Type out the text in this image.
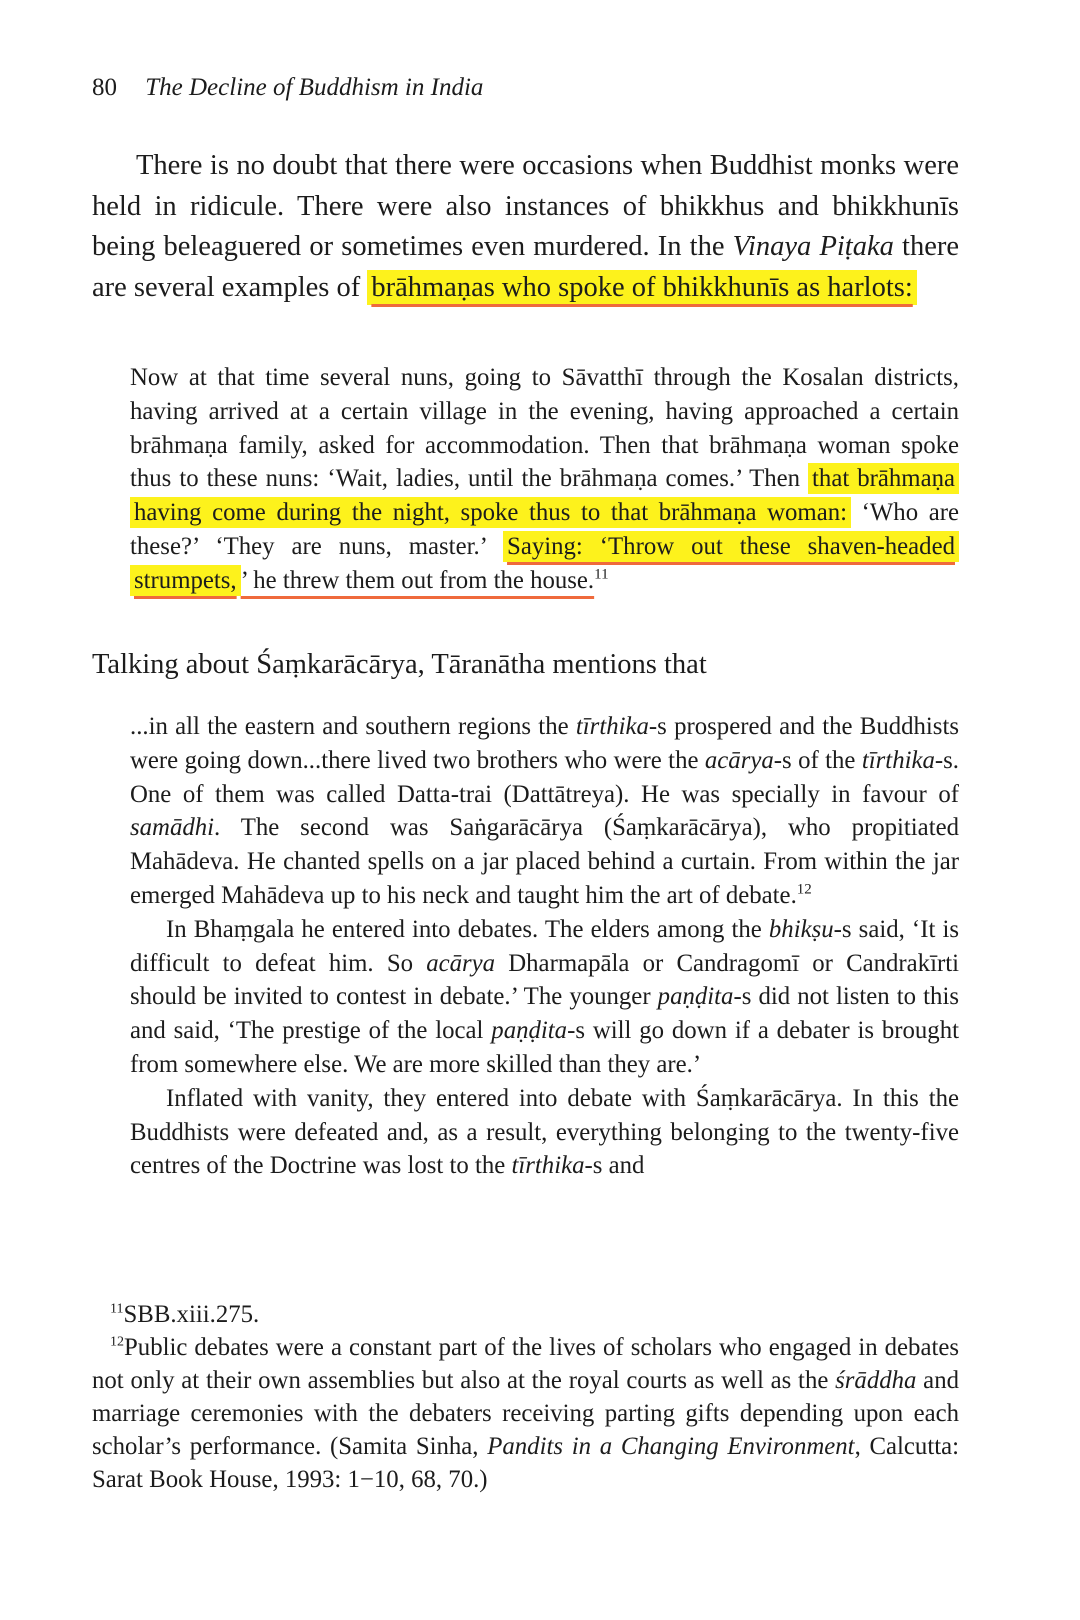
80 The Decline of Buddhism in India

There is no doubt that there were occasions when Buddhist monks were held in ridicule. There were also instances of bhikkhus and bhikkhunīs being beleaguered or sometimes even murdered. In the Vinaya Piṭaka there are several examples of brāhmaṇas who spoke of bhikkhunīs as harlots:

Now at that time several nuns, going to Sāvatthī through the Kosalan districts, having arrived at a certain village in the evening, having approached a certain brāhmaṇa family, asked for accommodation. Then that brāhmaṇa woman spoke thus to these nuns: ‘Wait, ladies, until the brāhmaṇa comes.’ Then that brāhmaṇa having come during the night, spoke thus to that brāhmaṇa woman: ‘Who are these?’ ‘They are nuns, master.’ Saying: ‘Throw out these shaven-headed strumpets, ’ he threw them out from the house.$^{11}$

Talking about Śaṃkarācārya, Tāranātha mentions that

...in all the eastern and southern regions the tīrthika-s prospered and the Buddhists were going down...there lived two brothers who were the acārya-s of the tīrthika-s. One of them was called Datta-trai (Dattātreya). He was specially in favour of samādhi. The second was Saṅgarācārya (Śaṃkarācārya), who propitiated Mahādeva. He chanted spells on a jar placed behind a curtain. From within the jar emerged Mahādeva up to his neck and taught him the art of debate.$^{12}$

In Bhaṃgala he entered into debates. The elders among the bhikṣu-s said, ‘It is difficult to defeat him. So acārya Dharmapāla or Candragomī or Candrakīrti should be invited to contest in debate.’ The younger paṇḍita-s did not listen to this and said, ‘The prestige of the local paṇḍita-s will go down if a debater is brought from somewhere else. We are more skilled than they are.’

Inflated with vanity, they entered into debate with Śaṃkarācārya. In this the Buddhists were defeated and, as a result, everything belonging to the twenty-five centres of the Doctrine was lost to the tīrthika-s and

$^{11}$SBB.xiii.275.

$^{12}$Public debates were a constant part of the lives of scholars who engaged in debates not only at their own assemblies but also at the royal courts as well as the śrāddha and marriage ceremonies with the debaters receiving parting gifts depending upon each scholar’s performance. (Samita Sinha, Pandits in a Changing Environment, Calcutta: Sarat Book House, 1993: 1−10, 68, 70.)
